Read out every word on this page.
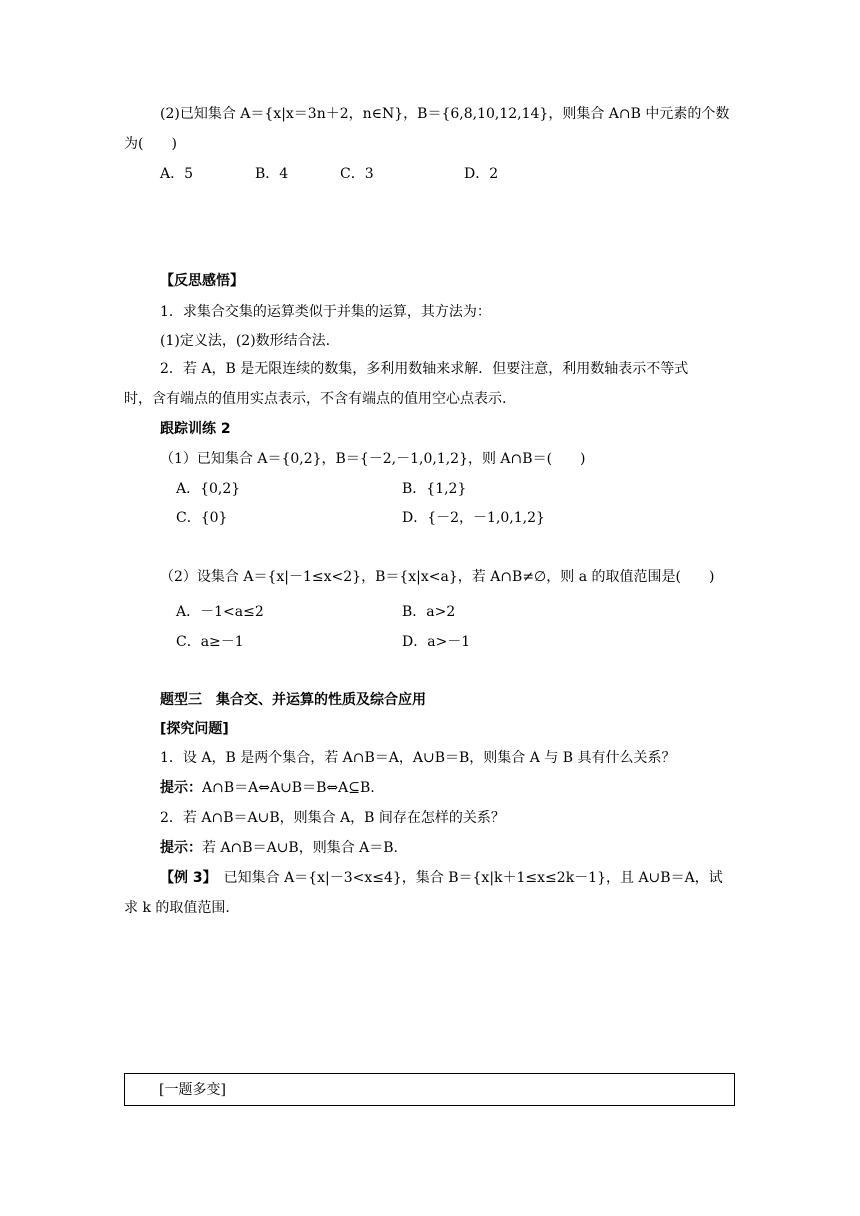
(2)已知集合 A＝{x|x＝3n＋2，n∈N}，B＝{6,8,10,12,14}，则集合 A∩B 中元素的个数
为(　　)
A．5	B．4	C．3	D．2
【反思感悟】
1．求集合交集的运算类似于并集的运算，其方法为：
(1)定义法，(2)数形结合法.
2．若 A，B 是无限连续的数集，多利用数轴来求解．但要注意，利用数轴表示不等式
时，含有端点的值用实点表示，不含有端点的值用空心点表示.
跟踪训练 2
（1）已知集合 A＝{0,2}，B＝{－2,－1,0,1,2}，则 A∩B＝(　　)
A．{0,2}	B．{1,2}
C．{0}	D．{－2，－1,0,1,2}
（2）设集合 A＝{x|－1≤x<2}，B＝{x|x<a}，若 A∩B≠∅，则 a 的取值范围是(　　)
A．－1<a≤2	B．a>2
C．a≥－1	D．a>－1
题型三　集合交、并运算的性质及综合应用
[探究问题]
1．设 A，B 是两个集合，若 A∩B＝A，A∪B＝B，则集合 A 与 B 具有什么关系？
提示：A∩B＝A⇔A∪B＝B⇔A⊆B.
2．若 A∩B＝A∪B，则集合 A，B 间存在怎样的关系？
提示：若 A∩B＝A∪B，则集合 A＝B.
【例 3】　已知集合 A＝{x|－3<x≤4}，集合 B＝{x|k＋1≤x≤2k－1}，且 A∪B＝A，试
求 k 的取值范围.
[一题多变]
